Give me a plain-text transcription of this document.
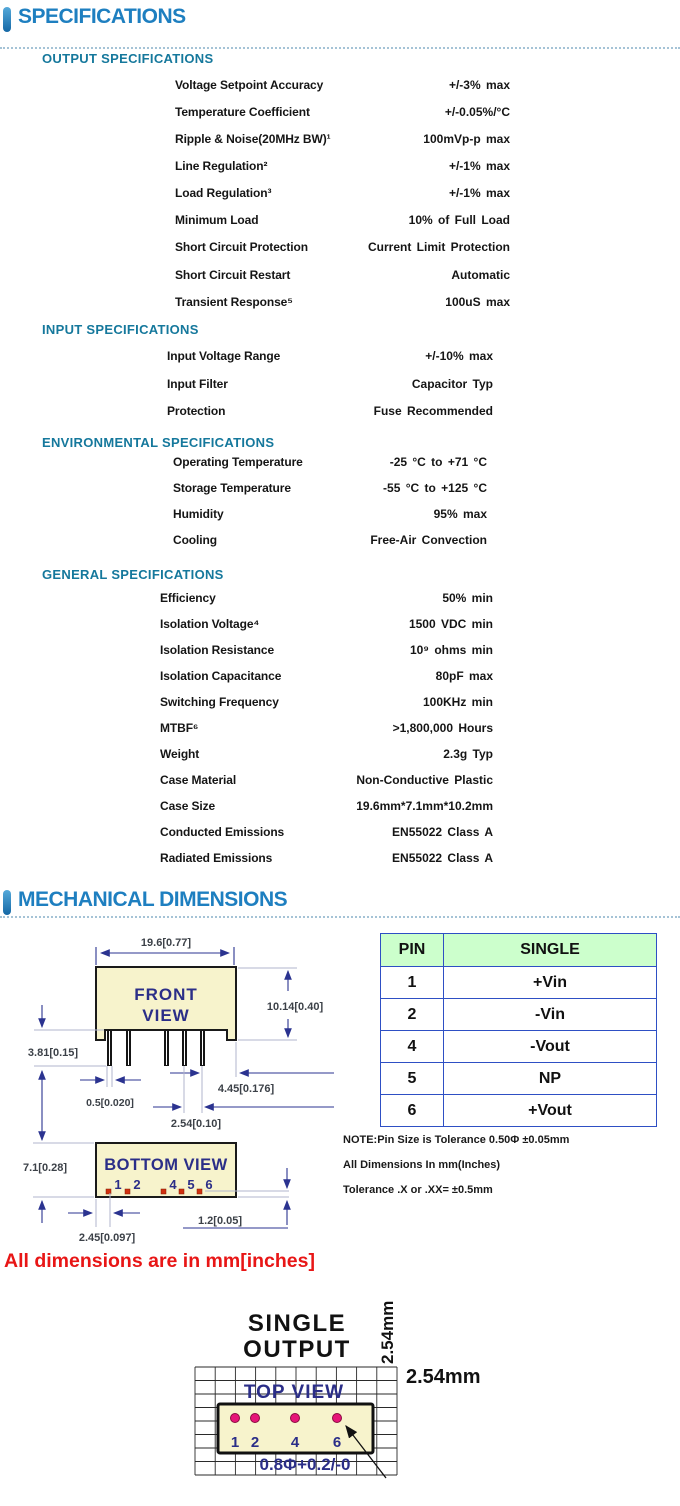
SPECIFICATIONS
OUTPUT SPECIFICATIONS
Voltage Setpoint Accuracy	+/-3% max
Temperature Coefficient	+/-0.05%/°C
Ripple & Noise(20MHz BW)¹	100mVp-p max
Line Regulation²	+/-1% max
Load Regulation³	+/-1% max
Minimum Load	10% of Full Load
Short Circuit Protection	Current Limit Protection
Short Circuit Restart	Automatic
Transient Response⁵	100uS max
INPUT SPECIFICATIONS
Input Voltage Range	+/-10% max
Input Filter	Capacitor Typ
Protection	Fuse Recommended
ENVIRONMENTAL SPECIFICATIONS
Operating Temperature	-25 °C to +71 °C
Storage Temperature	-55 °C to +125 °C
Humidity	95% max
Cooling	Free-Air Convection
GENERAL SPECIFICATIONS
Efficiency	50% min
Isolation Voltage⁴	1500 VDC min
Isolation Resistance	10⁹ ohms min
Isolation Capacitance	80pF max
Switching Frequency	100KHz min
MTBF⁶	>1,800,000 Hours
Weight	2.3g Typ
Case Material	Non-Conductive Plastic
Case Size	19.6mm*7.1mm*10.2mm
Conducted Emissions	EN55022 Class A
Radiated Emissions	EN55022 Class A
MECHANICAL DIMENSIONS
19.6[0.77]
FRONT
VIEW	10.14[0.40]
3.81[0.15]
0.5[0.020]
4.45[0.176]
2.54[0.10]
BOTTOM VIEW
1 2 4 5 6
7.1[0.28]
2.45[0.097]
1.2[0.05]
PIN	SINGLE
1	+Vin
2	-Vin
4	-Vout
5	NP
6	+Vout
NOTE:Pin Size is Tolerance 0.50Φ ±0.05mm
All Dimensions In mm(Inches)
Tolerance .X or .XX= ±0.5mm
All dimensions are in mm[inches]
SINGLE
OUTPUT 2.54mm
2.54mm
TOP VIEW
1 2 4 6
0.8Φ+0.2/-0
